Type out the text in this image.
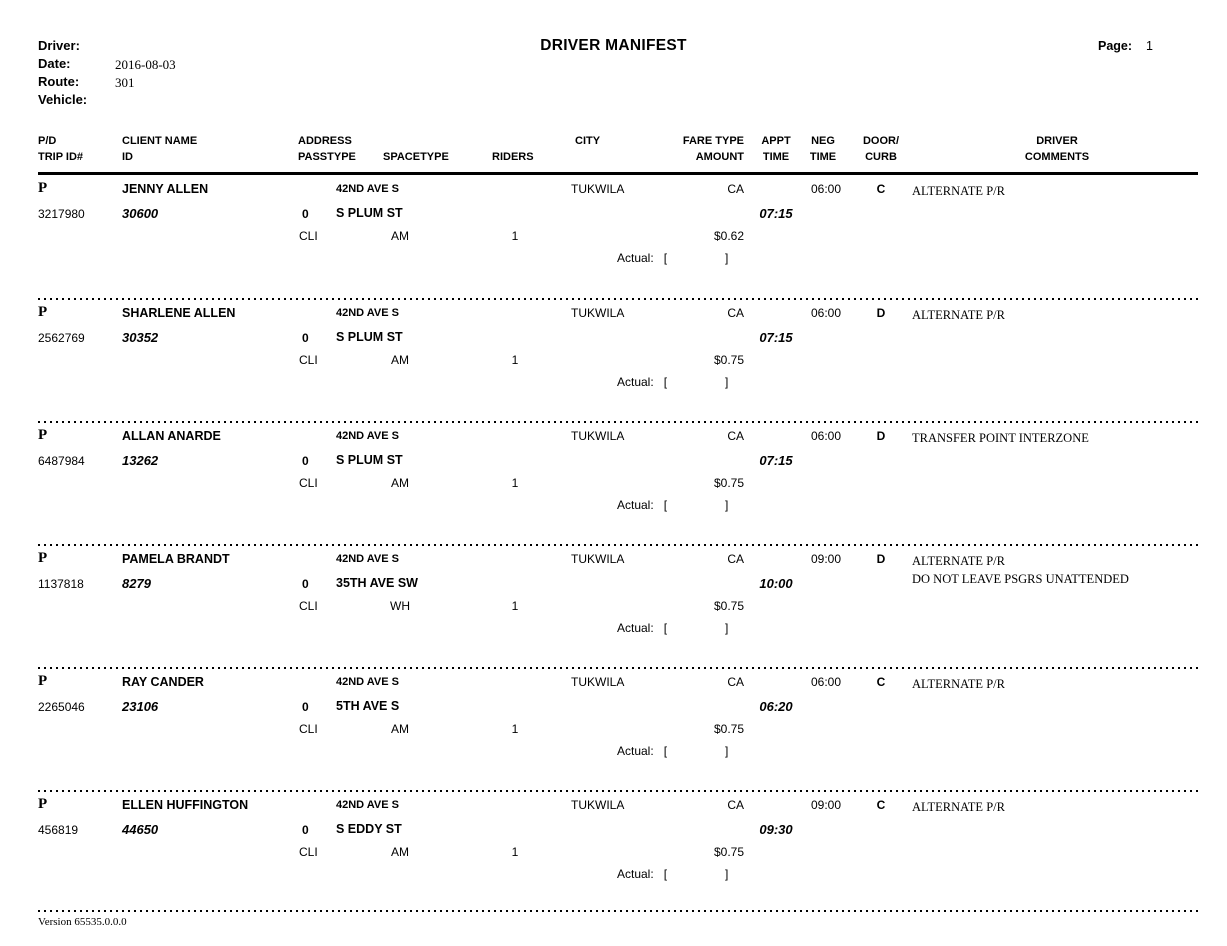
Driver:
Date:	2016-08-03
Route:	301
Vehicle:
DRIVER MANIFEST	Page: 1
P/D	CLIENT NAME	ADDRESS	CITY	FARE TYPE	APPT	NEG	DOOR/	DRIVER
TRIP ID#	ID	PASSTYPE SPACETYPE	RIDERS	AMOUNT	TIME	TIME	CURB	COMMENTS
P	JENNY ALLEN	42ND AVE S	TUKWILA	CA	06:00	C	ALTERNATE P/R
3217980	30600	0 S PLUM ST	07:15
CLI	AM	1	$0.62
Actual: [	]
P	SHARLENE ALLEN	42ND AVE S	TUKWILA	CA	06:00	D	ALTERNATE P/R
2562769	30352	0 S PLUM ST	07:15
CLI	AM	1	$0.75
Actual: [	]
P	ALLAN ANARDE	42ND AVE S	TUKWILA	CA	06:00	D	TRANSFER POINT INTERZONE
6487984	13262	0 S PLUM ST	07:15
CLI	AM	1	$0.75
Actual: [	]
P	PAMELA BRANDT	42ND AVE S	TUKWILA	CA	09:00	D	ALTERNATE P/R
DO NOT LEAVE PSGRS UNATTENDED
1137818	8279	0 35TH AVE SW	10:00
CLI	WH	1	$0.75
Actual: [	]
P	RAY CANDER	42ND AVE S	TUKWILA	CA	06:00	C	ALTERNATE P/R
2265046	23106	0 5TH AVE S	06:20
CLI	AM	1	$0.75
Actual: [	]
P	ELLEN HUFFINGTON	42ND AVE S	TUKWILA	CA	09:00	C	ALTERNATE P/R
456819	44650	0 S EDDY ST	09:30
CLI	AM	1	$0.75
Actual: [	]
Version 65535.0.0.0
